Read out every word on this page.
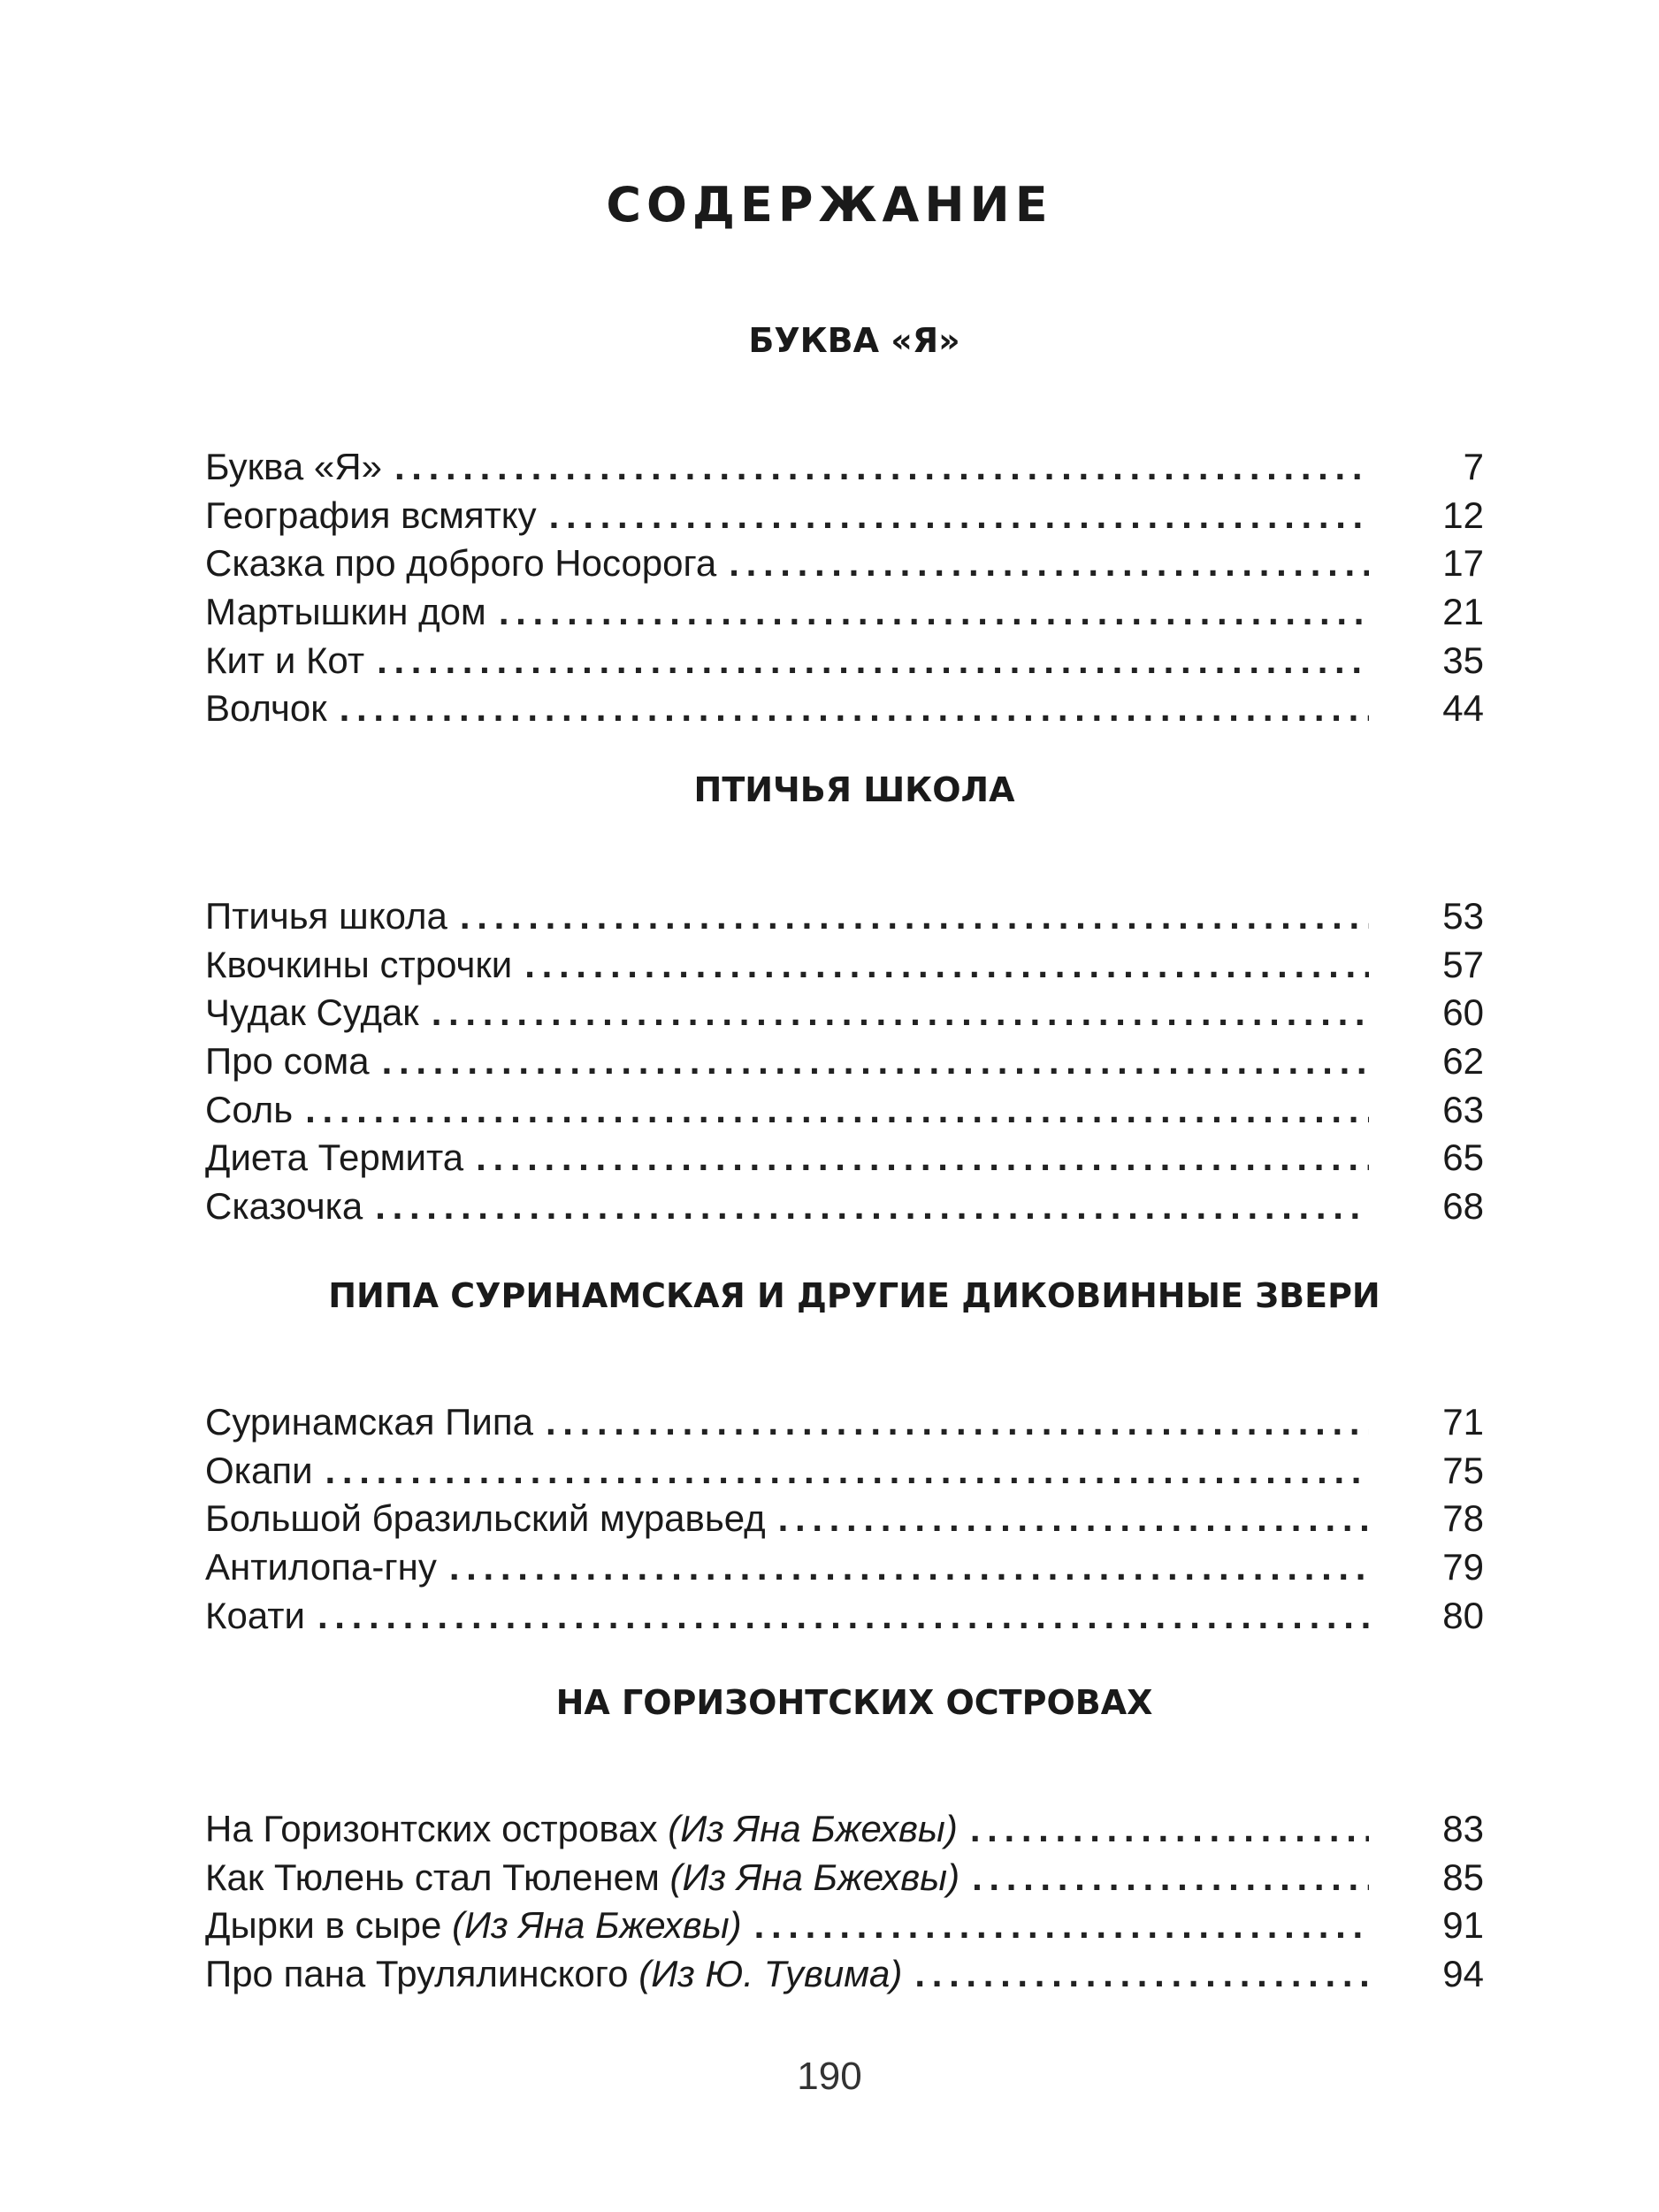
СОДЕРЖАНИЕ
БУКВА «Я»
Буква «Я» . . .	7
География всмятку . . .	12
Сказка про доброго Носорога . . .	17
Мартышкин дом . . .	21
Кит и Кот . . .	35
Волчок . . .	44
ПТИЧЬЯ ШКОЛА
Птичья школа . . .	53
Квочкины строчки . . .	57
Чудак Судак . . .	60
Про сома . . .	62
Соль . . .	63
Диета Термита . . .	65
Сказочка . . .	68
ПИПА СУРИНАМСКАЯ И ДРУГИЕ ДИКОВИННЫЕ ЗВЕРИ
Суринамская Пипа . . .	71
Окапи . . .	75
Большой бразильский муравьед . . .	78
Антилопа-гну . . .	79
Коати . . .	80
НА ГОРИЗОНТСКИХ ОСТРОВАХ
На Горизонтских островах (Из Яна Бжехвы) . . .	83
Как Тюлень стал Тюленем (Из Яна Бжехвы) . . .	85
Дырки в сыре (Из Яна Бжехвы) . . .	91
Про пана Трулялинского (Из Ю. Тувима) . . .	94
190
